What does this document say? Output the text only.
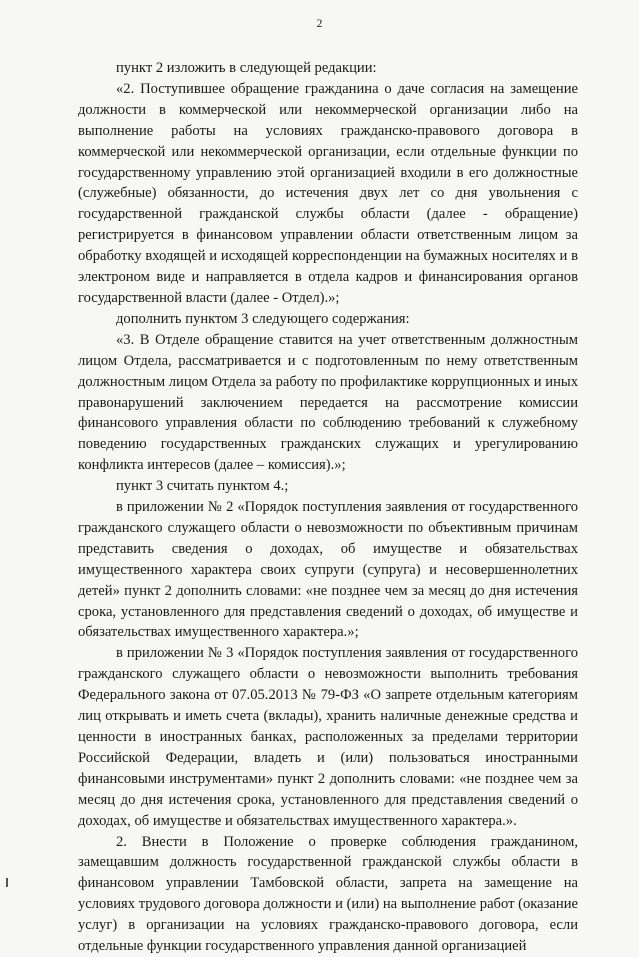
2

пункт 2 изложить в следующей редакции:

«2. Поступившее обращение гражданина о даче согласия на замещение должности в коммерческой или некоммерческой организации либо на выполнение работы на условиях гражданско-правового договора в коммерческой или некоммерческой организации, если отдельные функции по государственному управлению этой организацией входили в его должностные (служебные) обязанности, до истечения двух лет со дня увольнения с государственной гражданской службы области (далее - обращение) регистрируется в финансовом управлении области ответственным лицом за обработку входящей и исходящей корреспонденции на бумажных носителях и в электроном виде и направляется в отдела кадров и финансирования органов государственной власти (далее - Отдел).»;

дополнить пунктом 3 следующего содержания:

«3. В Отделе обращение ставится на учет ответственным должностным лицом Отдела, рассматривается и с подготовленным по нему ответственным должностным лицом Отдела за работу по профилактике коррупционных и иных правонарушений заключением передается на рассмотрение комиссии финансового управления области по соблюдению требований к служебному поведению государственных гражданских служащих и урегулированию конфликта интересов (далее – комиссия).»;

пункт 3 считать пунктом 4.;

в приложении № 2 «Порядок поступления заявления от государственного гражданского служащего области о невозможности по объективным причинам представить сведения о доходах, об имуществе и обязательствах имущественного характера своих супруги (супруга) и несовершеннолетних детей» пункт 2 дополнить словами: «не позднее чем за месяц до дня истечения срока, установленного для представления сведений о доходах, об имуществе и обязательствах имущественного характера.»;

в приложении № 3 «Порядок поступления заявления от государственного гражданского служащего области о невозможности выполнить требования Федерального закона от 07.05.2013 № 79-ФЗ «О запрете отдельным категориям лиц открывать и иметь счета (вклады), хранить наличные денежные средства и ценности в иностранных банках, расположенных за пределами территории Российской Федерации, владеть и (или) пользоваться иностранными финансовыми инструментами» пункт 2 дополнить словами: «не позднее чем за месяц до дня истечения срока, установленного для представления сведений о доходах, об имуществе и обязательствах имущественного характера.».

2. Внести в Положение о проверке соблюдения гражданином, замещавшим должность государственной гражданской службы области в финансовом управлении Тамбовской области, запрета на замещение на условиях трудового договора должности и (или) на выполнение работ (оказание услуг) в организации на условиях гражданско-правового договора, если отдельные функции государственного управления данной организацией
